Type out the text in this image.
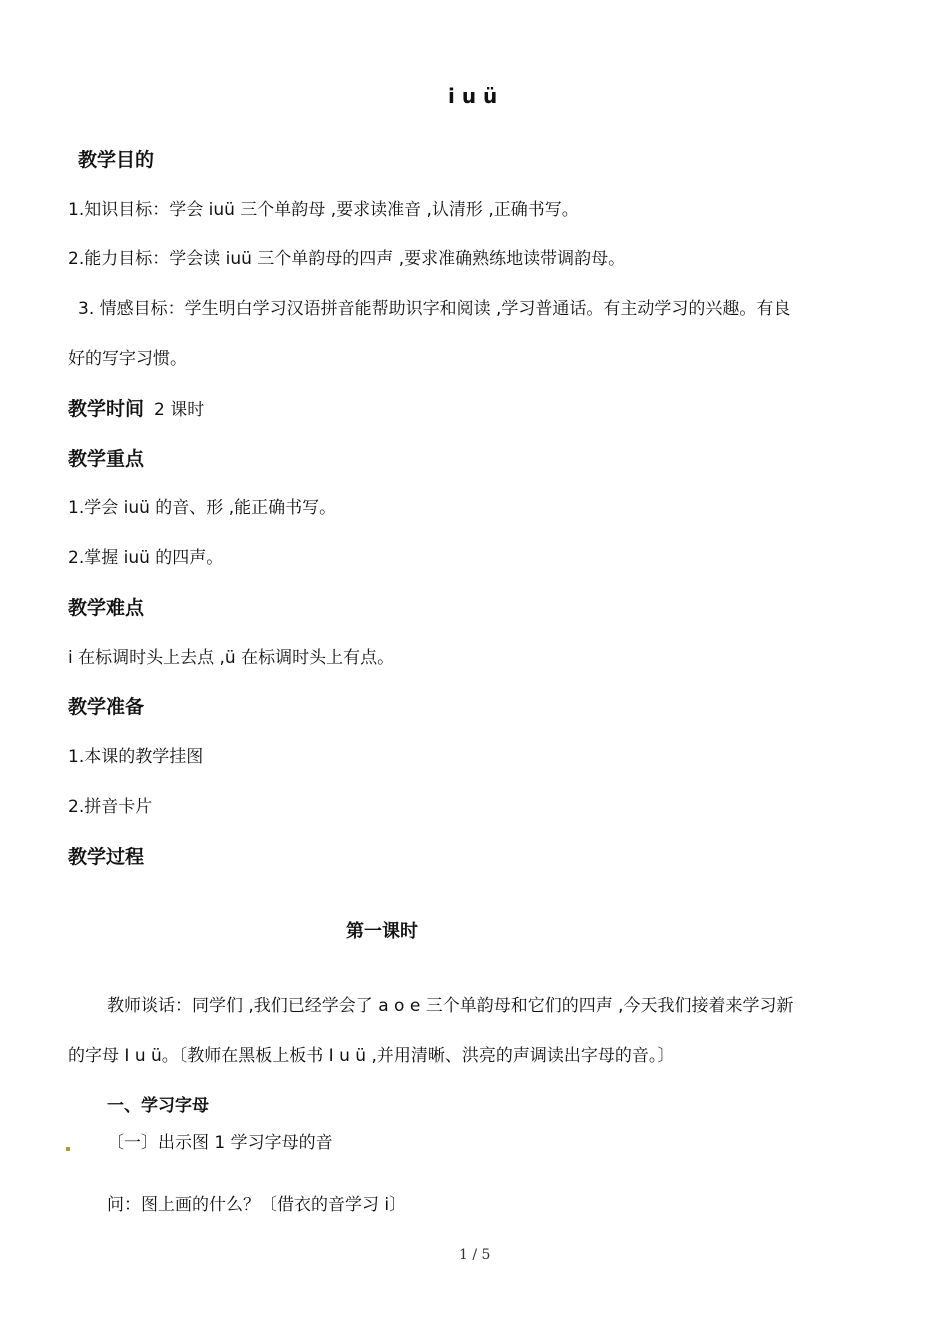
i u ü
教学目的
1.知识目标：学会 iuü 三个单韵母 ,要求读准音 ,认清形 ,正确书写。
2.能力目标：学会读 iuü 三个单韵母的四声 ,要求准确熟练地读带调韵母。
3. 情感目标：学生明白学习汉语拼音能帮助识字和阅读 ,学习普通话。有主动学习的兴趣。有良
好的写字习惯。
教学时间 2 课时
教学重点
1.学会 iuü 的音、形 ,能正确书写。
2.掌握 iuü 的四声。
教学难点
i 在标调时头上去点 ,ü 在标调时头上有点。
教学准备
1.本课的教学挂图
2.拼音卡片
教学过程
第一课时
教师谈话：同学们 ,我们已经学会了 a o e 三个单韵母和它们的四声 ,今天我们接着来学习新
的字母 I u ü。〔教师在黑板上板书 I u ü ,并用清晰、洪亮的声调读出字母的音。〕
一、学习字母
〔一〕出示图 1 学习字母的音
问：图上画的什么？〔借衣的音学习 i〕
1 / 5
